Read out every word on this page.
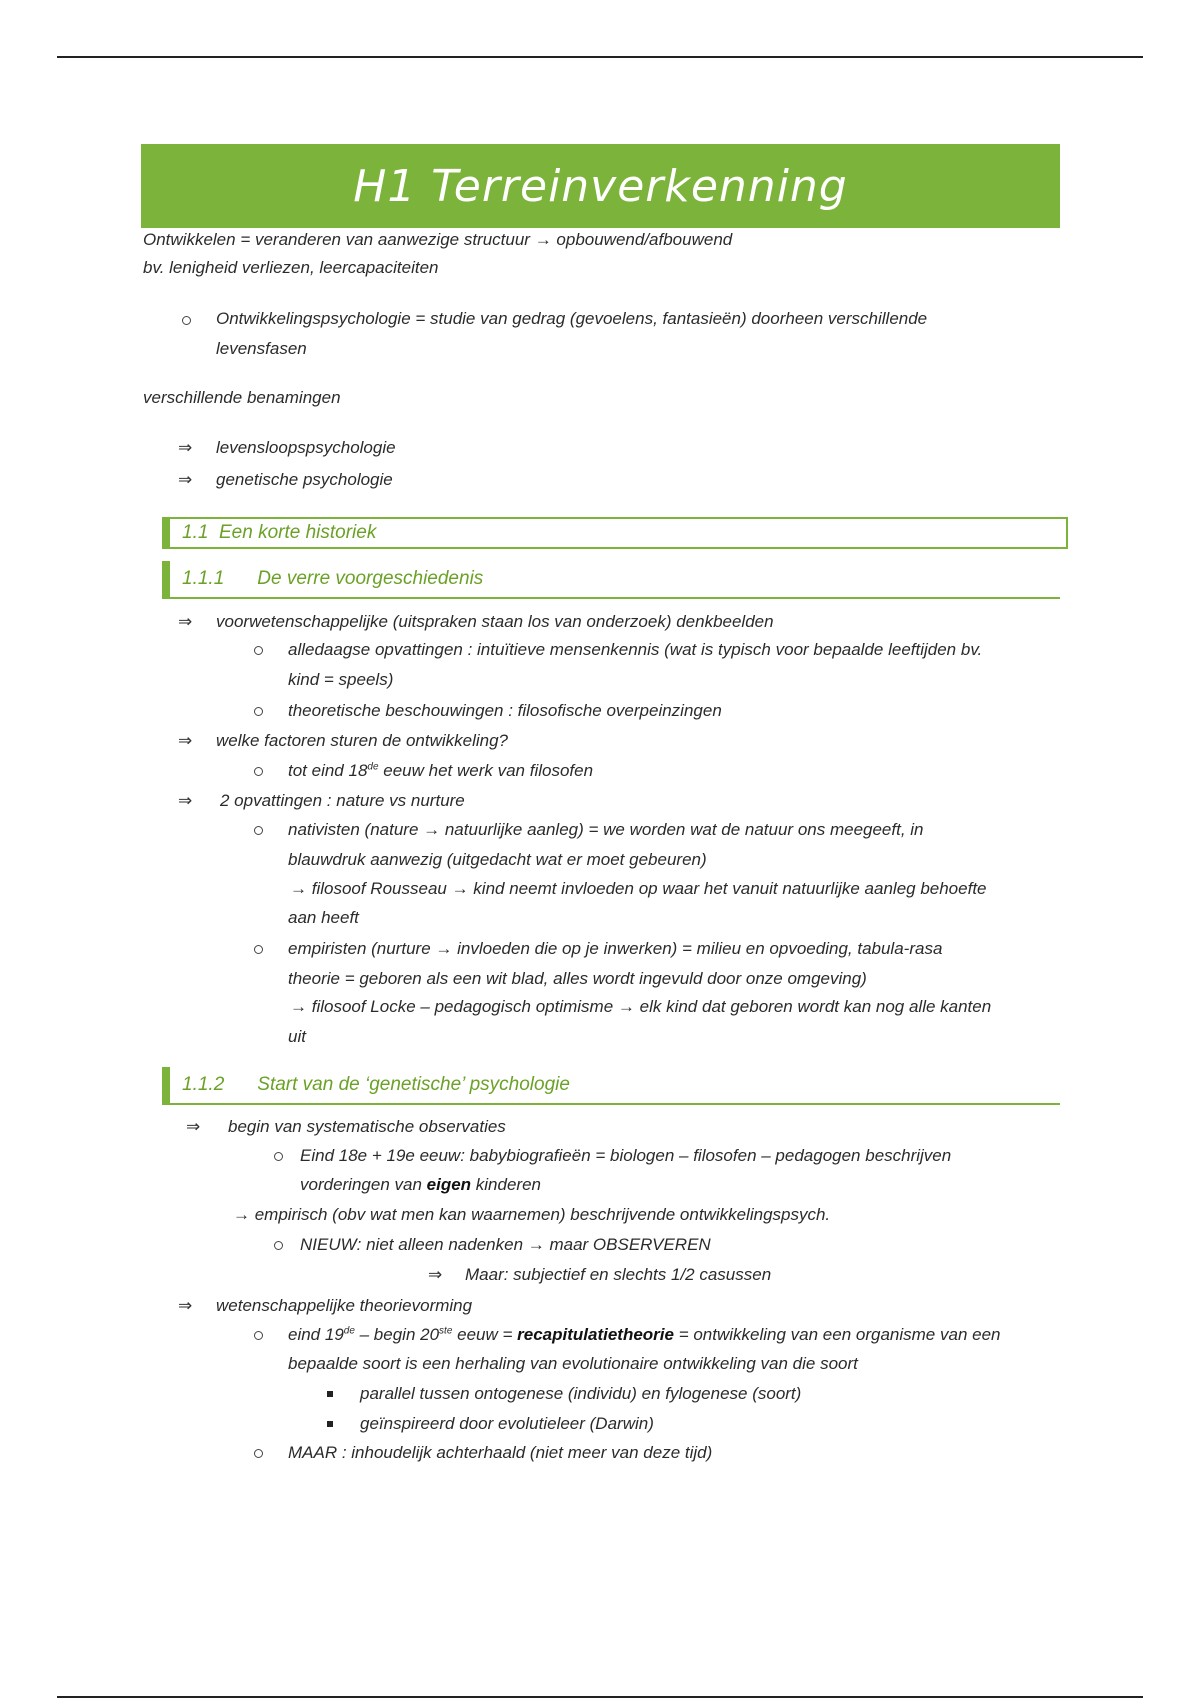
H1 Terreinverkenning
Ontwikkelen = veranderen van aanwezige structuur → opbouwend/afbouwend
bv. lenigheid verliezen, leercapaciteiten
Ontwikkelingspsychologie = studie van gedrag (gevoelens, fantasieën) doorheen verschillende
levensfasen
verschillende benamingen
⇒ levensloopspsychologie
⇒ genetische psychologie
1.1 Een korte historiek
1.1.1 De verre voorgeschiedenis
⇒ voorwetenschappelijke (uitspraken staan los van onderzoek) denkbeelden
alledaagse opvattingen : intuïtieve mensenkennis (wat is typisch voor bepaalde leeftijden bv.
kind = speels)
theoretische beschouwingen : filosofische overpeinzingen
⇒ welke factoren sturen de ontwikkeling?
tot eind 18de eeuw het werk van filosofen
⇒ 2 opvattingen : nature vs nurture
nativisten (nature → natuurlijke aanleg) = we worden wat de natuur ons meegeeft, in
blauwdruk aanwezig (uitgedacht wat er moet gebeuren)
→ filosoof Rousseau → kind neemt invloeden op waar het vanuit natuurlijke aanleg behoefte
aan heeft
empiristen (nurture → invloeden die op je inwerken) = milieu en opvoeding, tabula-rasa
theorie = geboren als een wit blad, alles wordt ingevuld door onze omgeving)
→ filosoof Locke – pedagogisch optimisme → elk kind dat geboren wordt kan nog alle kanten
uit
1.1.2 Start van de ‘genetische’ psychologie
⇒ begin van systematische observaties
Eind 18e + 19e eeuw: babybiografieën = biologen – filosofen – pedagogen beschrijven
vorderingen van eigen kinderen
→ empirisch (obv wat men kan waarnemen) beschrijvende ontwikkelingspsych.
NIEUW: niet alleen nadenken → maar OBSERVEREN
⇒ Maar: subjectief en slechts 1/2 casussen
⇒ wetenschappelijke theorievorming
eind 19de – begin 20ste eeuw = recapitulatietheorie = ontwikkeling van een organisme van een
bepaalde soort is een herhaling van evolutionaire ontwikkeling van die soort
parallel tussen ontogenese (individu) en fylogenese (soort)
geïnspireerd door evolutieleer (Darwin)
MAAR : inhoudelijk achterhaald (niet meer van deze tijd)
